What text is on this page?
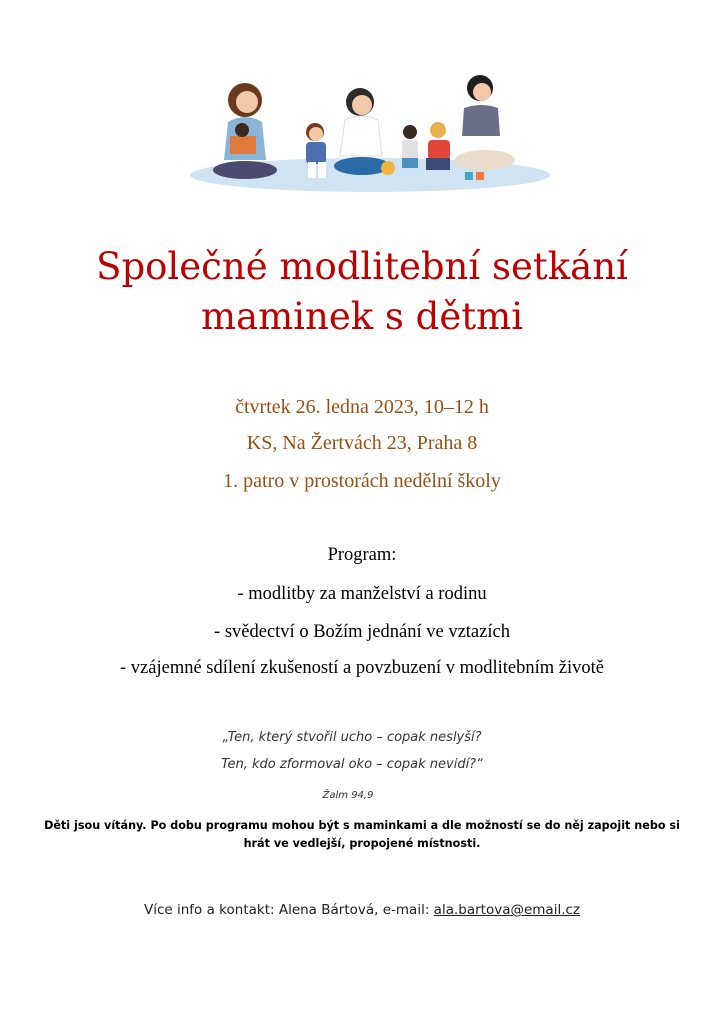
Společné modlitební setkání
maminek s dětmi
čtvrtek 26. ledna 2023, 10–12 h
KS, Na Žertvách 23, Praha 8
1. patro v prostorách nedělní školy
Program:
- modlitby za manželství a rodinu
- svědectví o Božím jednání ve vztazích
- vzájemné sdílení zkušeností a povzbuzení v modlitebním životě
„Ten, který stvořil ucho – copak neslyší?
Ten, kdo zformoval oko – copak nevidí?“
Žalm 94,9
Děti jsou vítány. Po dobu programu mohou být s maminkami a dle možností se do něj zapojit nebo si hrát ve vedlejší, propojené místnosti.
Více info a kontakt: Alena Bártová, e-mail: ala.bartova@email.cz
